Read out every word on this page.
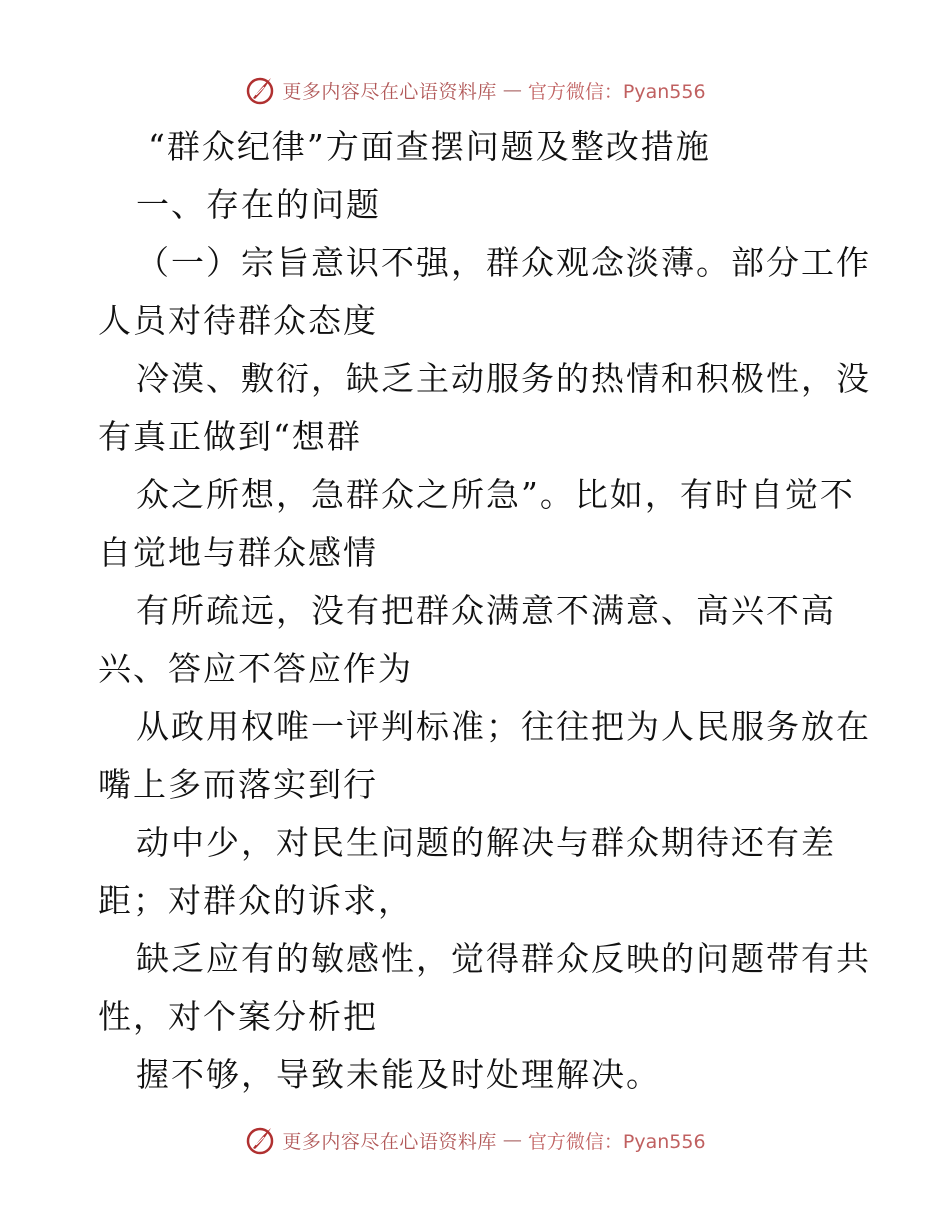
更多内容尽在心语资料库 — 官方微信：Pyan556
“群众纪律”方面查摆问题及整改措施
一、存在的问题
（一）宗旨意识不强，群众观念淡薄。部分工作
人员对待群众态度
冷漠、敷衍，缺乏主动服务的热情和积极性，没
有真正做到“想群
众之所想，急群众之所急”。比如，有时自觉不
自觉地与群众感情
有所疏远，没有把群众满意不满意、高兴不高
兴、答应不答应作为
从政用权唯一评判标准；往往把为人民服务放在
嘴上多而落实到行
动中少，对民生问题的解决与群众期待还有差
距；对群众的诉求，
缺乏应有的敏感性，觉得群众反映的问题带有共
性，对个案分析把
握不够，导致未能及时处理解决。
更多内容尽在心语资料库 — 官方微信：Pyan556
